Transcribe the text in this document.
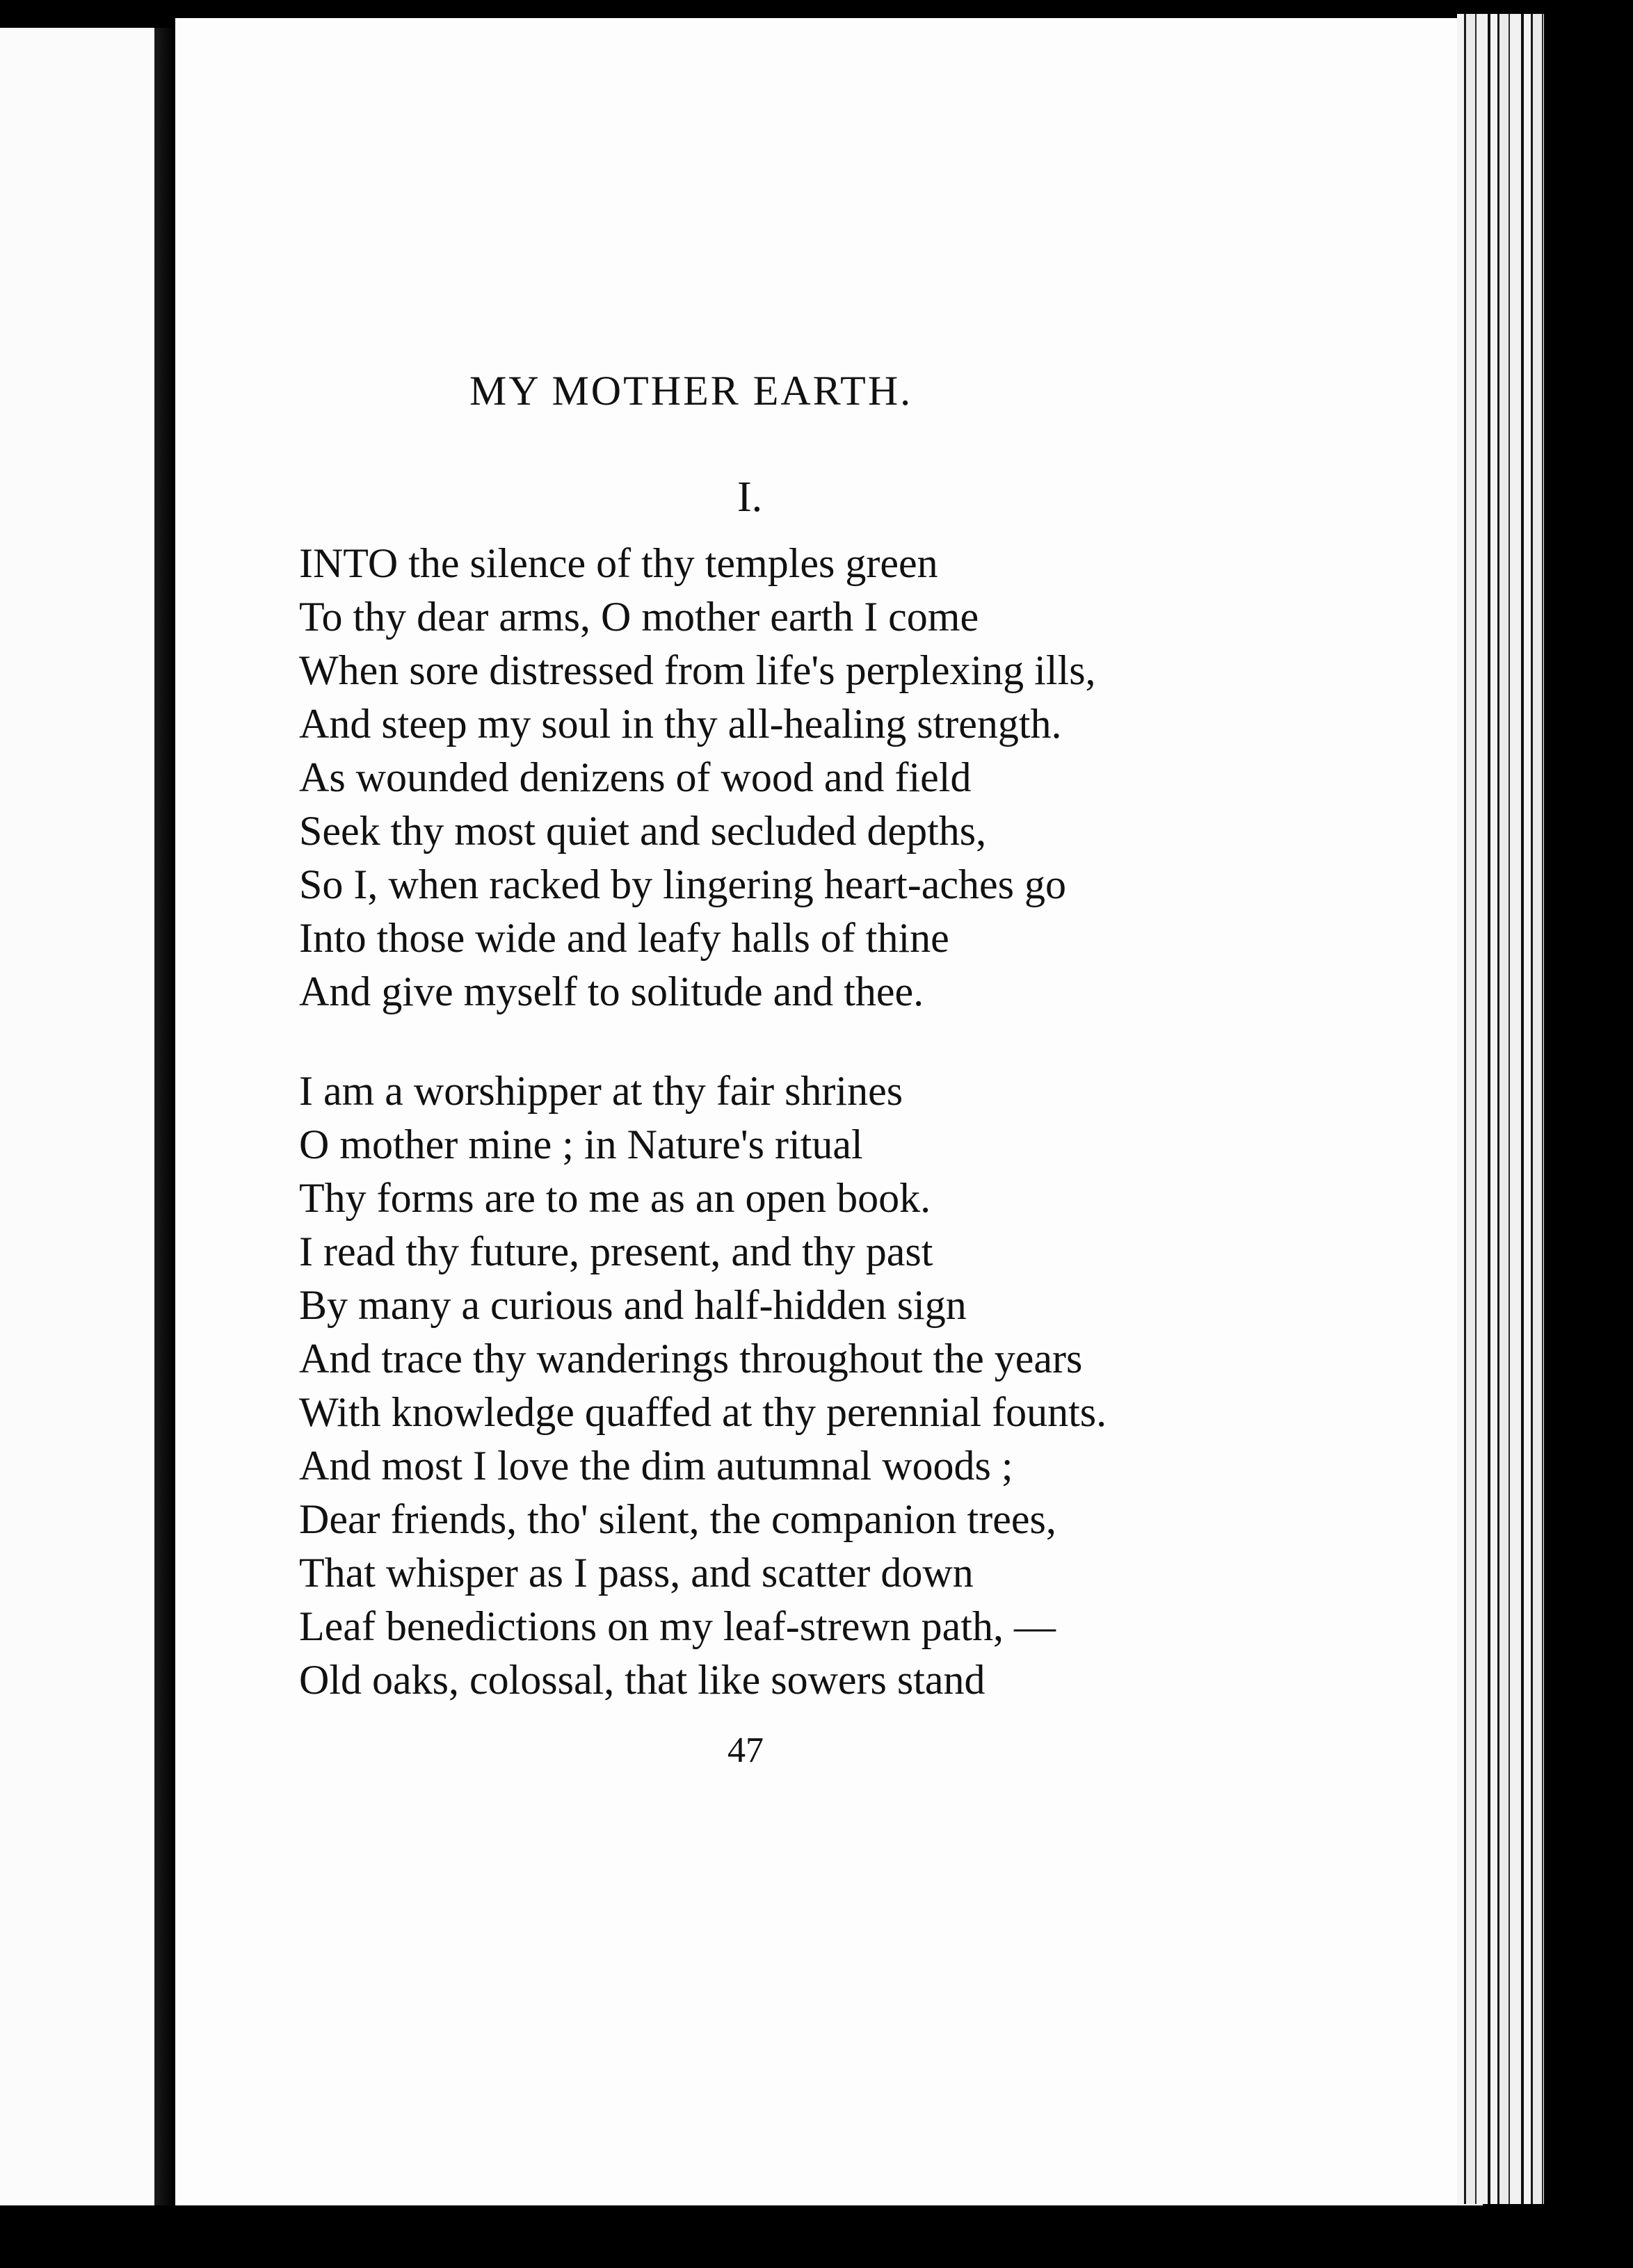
MY MOTHER EARTH.
I.
INTO the silence of thy temples green
To thy dear arms, O mother earth I come
When sore distressed from life's perplexing ills,
And steep my soul in thy all-healing strength.
As wounded denizens of wood and field
Seek thy most quiet and secluded depths,
So I, when racked by lingering heart-aches go
Into those wide and leafy halls of thine
And give myself to solitude and thee.
I am a worshipper at thy fair shrines
O mother mine ; in Nature's ritual
Thy forms are to me as an open book.
I read thy future, present, and thy past
By many a curious and half-hidden sign
And trace thy wanderings throughout the years
With knowledge quaffed at thy perennial founts.
And most I love the dim autumnal woods ;
Dear friends, tho' silent, the companion trees,
That whisper as I pass, and scatter down
Leaf benedictions on my leaf-strewn path, —
Old oaks, colossal, that like sowers stand
47
